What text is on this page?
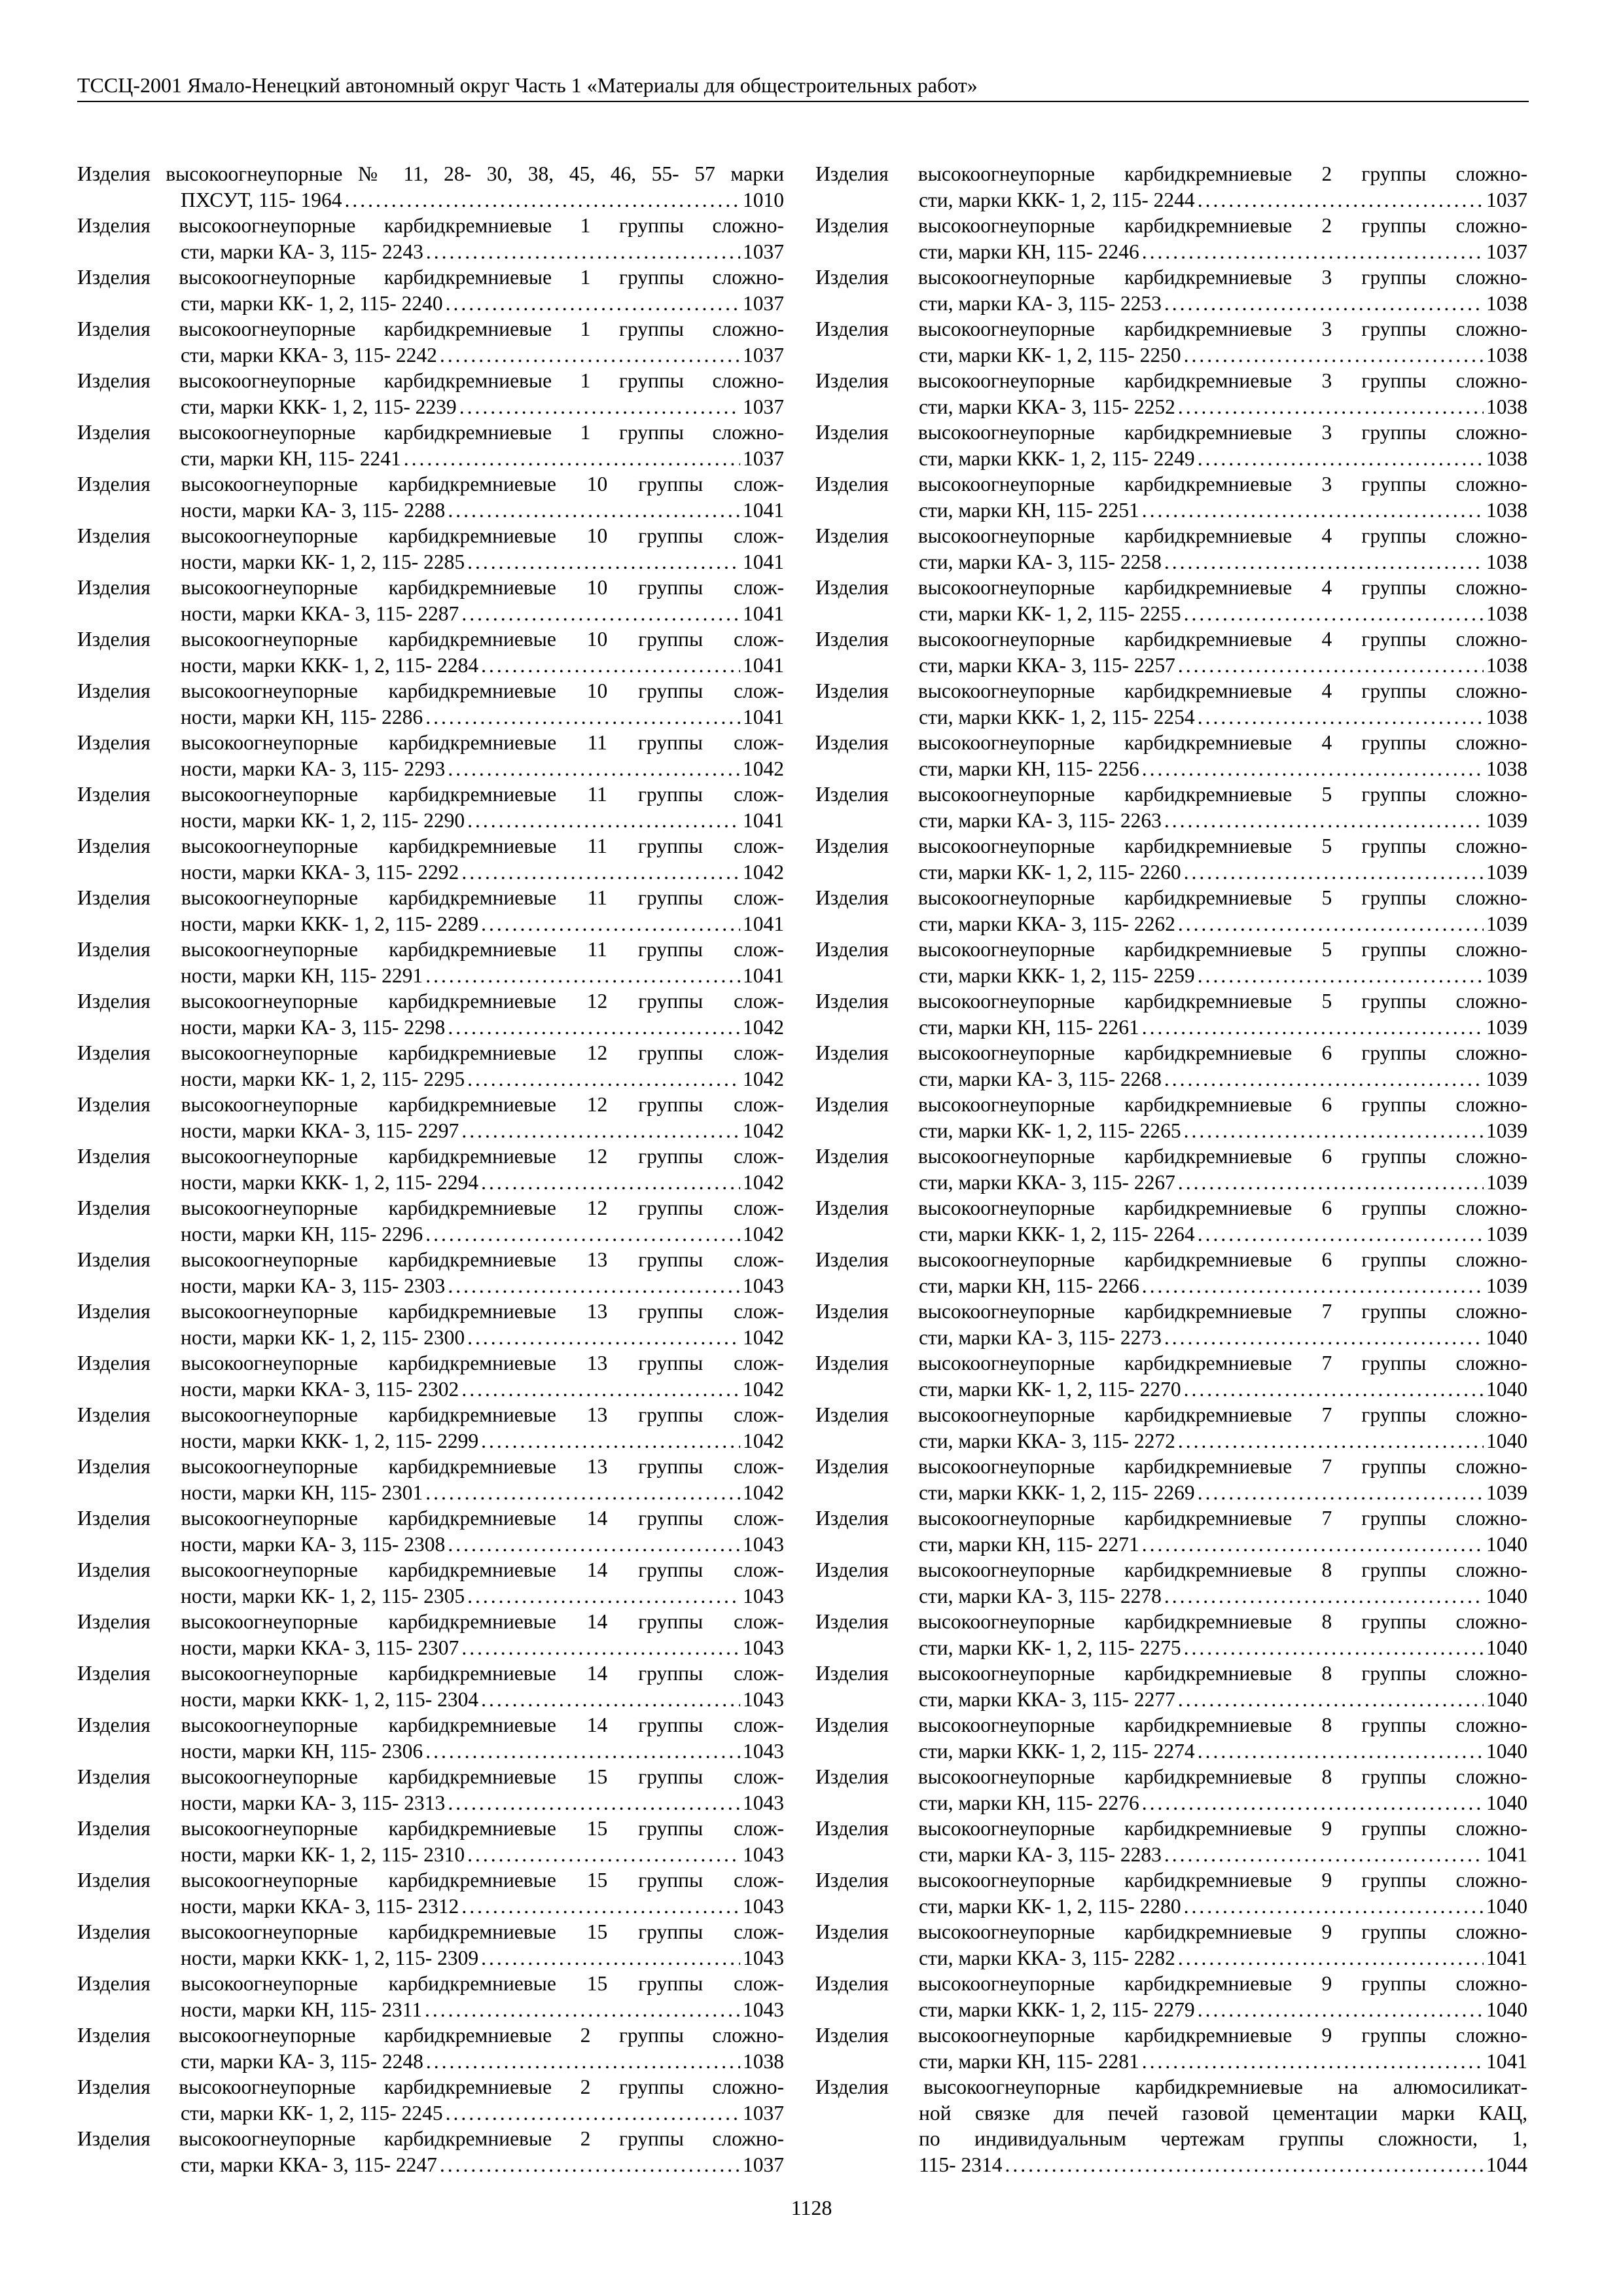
ТССЦ-2001 Ямало-Ненецкий автономный округ Часть 1 «Материалы для общестроительных работ»
Изделия высокоогнеупорные № 11, 28- 30, 38, 45, 46, 55- 57 марки
ПХСУТ, 115- 1964 .....	1010
Изделия высокоогнеупорные карбидкремниевые 1 группы сложно-
сти, марки КА- 3, 115- 2243 .....	1037
Изделия высокоогнеупорные карбидкремниевые 1 группы сложно-
сти, марки КК- 1, 2, 115- 2240 .....	1037
Изделия высокоогнеупорные карбидкремниевые 1 группы сложно-
сти, марки ККА- 3, 115- 2242 .....	1037
Изделия высокоогнеупорные карбидкремниевые 1 группы сложно-
сти, марки ККК- 1, 2, 115- 2239 .....	1037
Изделия высокоогнеупорные карбидкремниевые 1 группы сложно-
сти, марки КН, 115- 2241 .....	1037
Изделия высокоогнеупорные карбидкремниевые 10 группы слож-
ности, марки КА- 3, 115- 2288 .....	1041
Изделия высокоогнеупорные карбидкремниевые 10 группы слож-
ности, марки КК- 1, 2, 115- 2285 .....	1041
Изделия высокоогнеупорные карбидкремниевые 10 группы слож-
ности, марки ККА- 3, 115- 2287 .....	1041
Изделия высокоогнеупорные карбидкремниевые 10 группы слож-
ности, марки ККК- 1, 2, 115- 2284 .....	1041
Изделия высокоогнеупорные карбидкремниевые 10 группы слож-
ности, марки КН, 115- 2286 .....	1041
Изделия высокоогнеупорные карбидкремниевые 11 группы слож-
ности, марки КА- 3, 115- 2293 .....	1042
Изделия высокоогнеупорные карбидкремниевые 11 группы слож-
ности, марки КК- 1, 2, 115- 2290 .....	1041
Изделия высокоогнеупорные карбидкремниевые 11 группы слож-
ности, марки ККА- 3, 115- 2292 .....	1042
Изделия высокоогнеупорные карбидкремниевые 11 группы слож-
ности, марки ККК- 1, 2, 115- 2289 .....	1041
Изделия высокоогнеупорные карбидкремниевые 11 группы слож-
ности, марки КН, 115- 2291 .....	1041
Изделия высокоогнеупорные карбидкремниевые 12 группы слож-
ности, марки КА- 3, 115- 2298 .....	1042
Изделия высокоогнеупорные карбидкремниевые 12 группы слож-
ности, марки КК- 1, 2, 115- 2295 .....	1042
Изделия высокоогнеупорные карбидкремниевые 12 группы слож-
ности, марки ККА- 3, 115- 2297 .....	1042
Изделия высокоогнеупорные карбидкремниевые 12 группы слож-
ности, марки ККК- 1, 2, 115- 2294 .....	1042
Изделия высокоогнеупорные карбидкремниевые 12 группы слож-
ности, марки КН, 115- 2296 .....	1042
Изделия высокоогнеупорные карбидкремниевые 13 группы слож-
ности, марки КА- 3, 115- 2303 .....	1043
Изделия высокоогнеупорные карбидкремниевые 13 группы слож-
ности, марки КК- 1, 2, 115- 2300 .....	1042
Изделия высокоогнеупорные карбидкремниевые 13 группы слож-
ности, марки ККА- 3, 115- 2302 .....	1042
Изделия высокоогнеупорные карбидкремниевые 13 группы слож-
ности, марки ККК- 1, 2, 115- 2299 .....	1042
Изделия высокоогнеупорные карбидкремниевые 13 группы слож-
ности, марки КН, 115- 2301 .....	1042
Изделия высокоогнеупорные карбидкремниевые 14 группы слож-
ности, марки КА- 3, 115- 2308 .....	1043
Изделия высокоогнеупорные карбидкремниевые 14 группы слож-
ности, марки КК- 1, 2, 115- 2305 .....	1043
Изделия высокоогнеупорные карбидкремниевые 14 группы слож-
ности, марки ККА- 3, 115- 2307 .....	1043
Изделия высокоогнеупорные карбидкремниевые 14 группы слож-
ности, марки ККК- 1, 2, 115- 2304 .....	1043
Изделия высокоогнеупорные карбидкремниевые 14 группы слож-
ности, марки КН, 115- 2306 .....	1043
Изделия высокоогнеупорные карбидкремниевые 15 группы слож-
ности, марки КА- 3, 115- 2313 .....	1043
Изделия высокоогнеупорные карбидкремниевые 15 группы слож-
ности, марки КК- 1, 2, 115- 2310 .....	1043
Изделия высокоогнеупорные карбидкремниевые 15 группы слож-
ности, марки ККА- 3, 115- 2312 .....	1043
Изделия высокоогнеупорные карбидкремниевые 15 группы слож-
ности, марки ККК- 1, 2, 115- 2309 .....	1043
Изделия высокоогнеупорные карбидкремниевые 15 группы слож-
ности, марки КН, 115- 2311 .....	1043
Изделия высокоогнеупорные карбидкремниевые 2 группы сложно-
сти, марки КА- 3, 115- 2248 .....	1038
Изделия высокоогнеупорные карбидкремниевые 2 группы сложно-
сти, марки КК- 1, 2, 115- 2245 .....	1037
Изделия высокоогнеупорные карбидкремниевые 2 группы сложно-
сти, марки ККА- 3, 115- 2247 .....	1037
Изделия высокоогнеупорные карбидкремниевые 2 группы сложно-
сти, марки ККК- 1, 2, 115- 2244 .....	1037
Изделия высокоогнеупорные карбидкремниевые 2 группы сложно-
сти, марки КН, 115- 2246 .....	1037
Изделия высокоогнеупорные карбидкремниевые 3 группы сложно-
сти, марки КА- 3, 115- 2253 .....	1038
Изделия высокоогнеупорные карбидкремниевые 3 группы сложно-
сти, марки КК- 1, 2, 115- 2250 .....	1038
Изделия высокоогнеупорные карбидкремниевые 3 группы сложно-
сти, марки ККА- 3, 115- 2252 .....	1038
Изделия высокоогнеупорные карбидкремниевые 3 группы сложно-
сти, марки ККК- 1, 2, 115- 2249 .....	1038
Изделия высокоогнеупорные карбидкремниевые 3 группы сложно-
сти, марки КН, 115- 2251 .....	1038
Изделия высокоогнеупорные карбидкремниевые 4 группы сложно-
сти, марки КА- 3, 115- 2258 .....	1038
Изделия высокоогнеупорные карбидкремниевые 4 группы сложно-
сти, марки КК- 1, 2, 115- 2255 .....	1038
Изделия высокоогнеупорные карбидкремниевые 4 группы сложно-
сти, марки ККА- 3, 115- 2257 .....	1038
Изделия высокоогнеупорные карбидкремниевые 4 группы сложно-
сти, марки ККК- 1, 2, 115- 2254 .....	1038
Изделия высокоогнеупорные карбидкремниевые 4 группы сложно-
сти, марки КН, 115- 2256 .....	1038
Изделия высокоогнеупорные карбидкремниевые 5 группы сложно-
сти, марки КА- 3, 115- 2263 .....	1039
Изделия высокоогнеупорные карбидкремниевые 5 группы сложно-
сти, марки КК- 1, 2, 115- 2260 .....	1039
Изделия высокоогнеупорные карбидкремниевые 5 группы сложно-
сти, марки ККА- 3, 115- 2262 .....	1039
Изделия высокоогнеупорные карбидкремниевые 5 группы сложно-
сти, марки ККК- 1, 2, 115- 2259 .....	1039
Изделия высокоогнеупорные карбидкремниевые 5 группы сложно-
сти, марки КН, 115- 2261 .....	1039
Изделия высокоогнеупорные карбидкремниевые 6 группы сложно-
сти, марки КА- 3, 115- 2268 .....	1039
Изделия высокоогнеупорные карбидкремниевые 6 группы сложно-
сти, марки КК- 1, 2, 115- 2265 .....	1039
Изделия высокоогнеупорные карбидкремниевые 6 группы сложно-
сти, марки ККА- 3, 115- 2267 .....	1039
Изделия высокоогнеупорные карбидкремниевые 6 группы сложно-
сти, марки ККК- 1, 2, 115- 2264 .....	1039
Изделия высокоогнеупорные карбидкремниевые 6 группы сложно-
сти, марки КН, 115- 2266 .....	1039
Изделия высокоогнеупорные карбидкремниевые 7 группы сложно-
сти, марки КА- 3, 115- 2273 .....	1040
Изделия высокоогнеупорные карбидкремниевые 7 группы сложно-
сти, марки КК- 1, 2, 115- 2270 .....	1040
Изделия высокоогнеупорные карбидкремниевые 7 группы сложно-
сти, марки ККА- 3, 115- 2272 .....	1040
Изделия высокоогнеупорные карбидкремниевые 7 группы сложно-
сти, марки ККК- 1, 2, 115- 2269 .....	1039
Изделия высокоогнеупорные карбидкремниевые 7 группы сложно-
сти, марки КН, 115- 2271 .....	1040
Изделия высокоогнеупорные карбидкремниевые 8 группы сложно-
сти, марки КА- 3, 115- 2278 .....	1040
Изделия высокоогнеупорные карбидкремниевые 8 группы сложно-
сти, марки КК- 1, 2, 115- 2275 .....	1040
Изделия высокоогнеупорные карбидкремниевые 8 группы сложно-
сти, марки ККА- 3, 115- 2277 .....	1040
Изделия высокоогнеупорные карбидкремниевые 8 группы сложно-
сти, марки ККК- 1, 2, 115- 2274 .....	1040
Изделия высокоогнеупорные карбидкремниевые 8 группы сложно-
сти, марки КН, 115- 2276 .....	1040
Изделия высокоогнеупорные карбидкремниевые 9 группы сложно-
сти, марки КА- 3, 115- 2283 .....	1041
Изделия высокоогнеупорные карбидкремниевые 9 группы сложно-
сти, марки КК- 1, 2, 115- 2280 .....	1040
Изделия высокоогнеупорные карбидкремниевые 9 группы сложно-
сти, марки ККА- 3, 115- 2282 .....	1041
Изделия высокоогнеупорные карбидкремниевые 9 группы сложно-
сти, марки ККК- 1, 2, 115- 2279 .....	1040
Изделия высокоогнеупорные карбидкремниевые 9 группы сложно-
сти, марки КН, 115- 2281 .....	1041
Изделия высокоогнеупорные карбидкремниевые на алюмосиликат-
ной связке для печей газовой цементации марки КАЦ,
по индивидуальным чертежам группы сложности, 1,
115- 2314 .....	1044
1128
